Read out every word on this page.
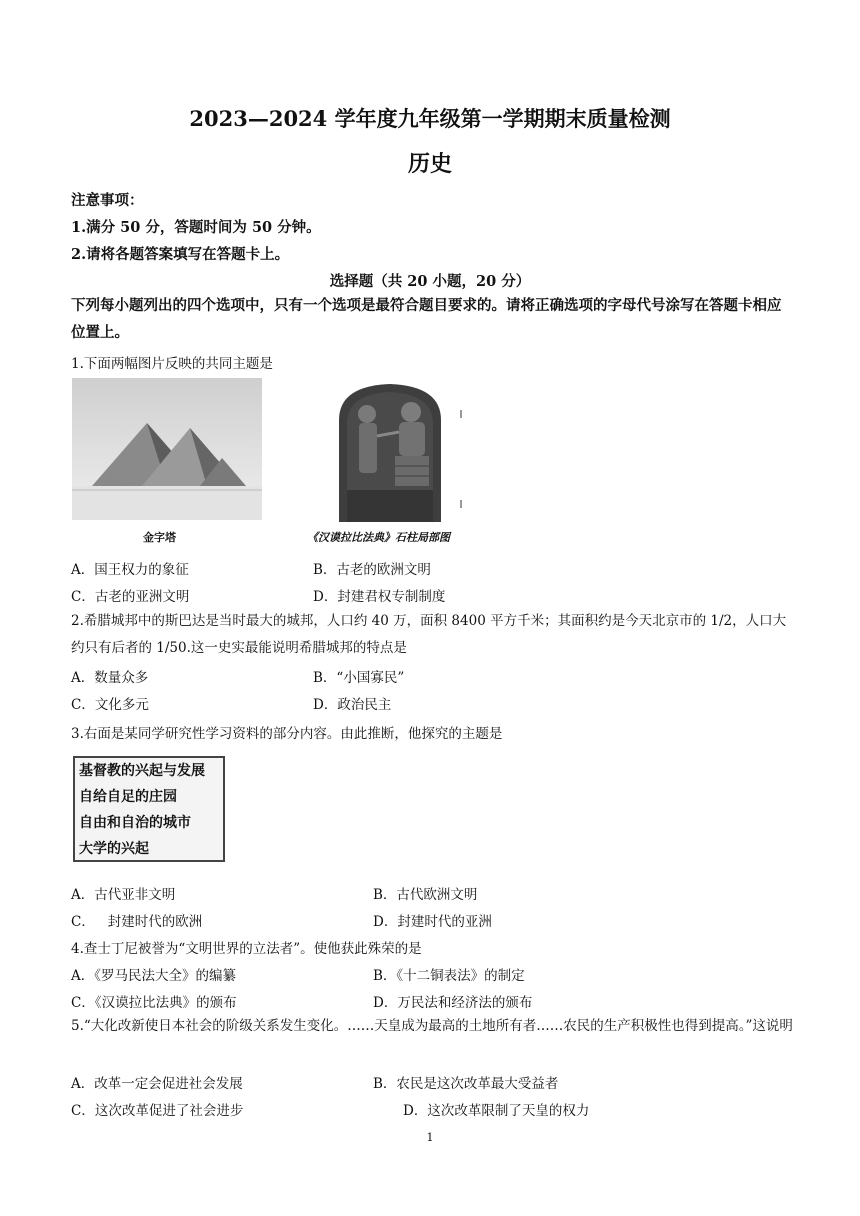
2023—2024 学年度九年级第一学期期末质量检测
历史
注意事项：
1.满分 50 分，答题时间为 50 分钟。
2.请将各题答案填写在答题卡上。
选择题（共 20 小题，20 分）
下列每小题列出的四个选项中，只有一个选项是最符合题目要求的。请将正确选项的字母代号涂写在答题卡相应位置上。
1.下面两幅图片反映的共同主题是
金字塔	《汉谟拉比法典》石柱局部图
A．国王权力的象征	B．古老的欧洲文明
C．古老的亚洲文明	D．封建君权专制制度
2.希腊城邦中的斯巴达是当时最大的城邦，人口约 40 万，面积 8400 平方千米；其面积约是今天北京市的 1/2，人口大约只有后者的 1/50.这一史实最能说明希腊城邦的特点是
A．数量众多	B．“小国寡民”
C．文化多元	D．政治民主
3.右面是某同学研究性学习资料的部分内容。由此推断，他探究的主题是
基督教的兴起与发展
自给自足的庄园
自由和自治的城市
大学的兴起
A．古代亚非文明	B．古代欧洲文明
C．   封建时代的欧洲	D．封建时代的亚洲
4.查士丁尼被誉为“文明世界的立法者”。使他获此殊荣的是
A．《罗马民法大全》的编纂	B．《十二铜表法》的制定
C．《汉谟拉比法典》的颁布	D．万民法和经济法的颁布
5.“大化改新使日本社会的阶级关系发生变化。……天皇成为最高的土地所有者……农民的生产积极性也得到提高。”这说明
A．改革一定会促进社会发展	B．农民是这次改革最大受益者
C．这次改革促进了社会进步	D．这次改革限制了天皇的权力
1
